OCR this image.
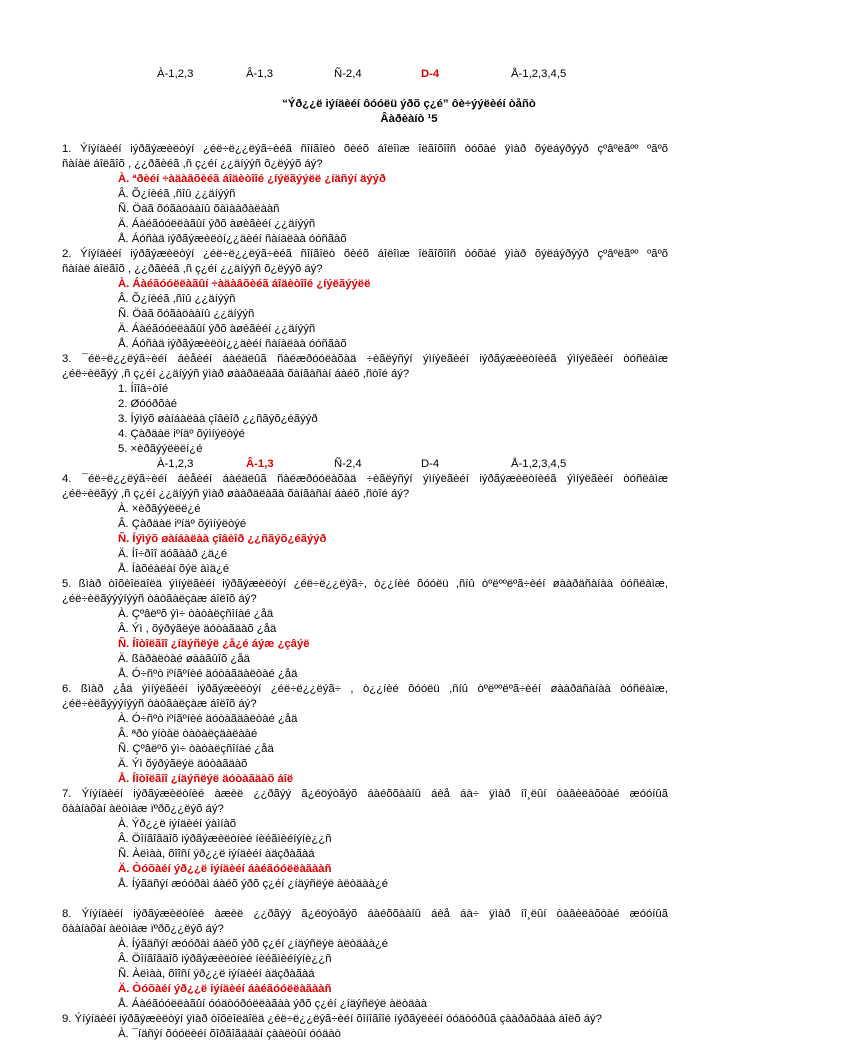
À-1,2,3	Â-1,3	Ñ-2,4	D-4	Å-1,2,3,4,5
“Ýð¿¿ë iýíäèéí ôóóëü ýðõ ç¿é” ôè÷ýýëèéí òåñò
Âàðèàíò ¹5
1. Ýíýíäèéí iýðãýæèëòýí ¿éë÷ë¿¿ëýã÷èéã ñîíãîëò õèéõ áîëîìæ îëãîõîîñ òóõàé ÿìàð õýëáýðýýð çºâºëãºº ºãºõ
ñàíàë áîëãîõ , ¿¿ðãèéã ,ñ ç¿éí ¿¿äíýýñ õ¿ëýýõ áý?
À. ªðèéí ÷àäàâõèéã áîäèòîîé ¿íýëãýýëë ¿íäñýí äýýð
Â. Õ¿íèéã ,ñîû ¿¿äíýýñ
Ñ. Öàã õóãàöààíû õàìààðàëààñ
Ä. Áàéãóóëëàãûí ýðõ àøèãèéí ¿¿äíýýñ
Å. Áóñàä iýðãýæèëòí¿¿äèéí ñàíàëàà óóñãàõ
2. Ýíýíäèéí iýðãýæèëòýí ¿éë÷ë¿¿ëýã÷èéã ñîíãîëò õèéõ áîëîìæ îëãîõîîñ òóõàé ÿìàð õýëáýðýýð çºâºëãºº ºãºõ
ñàíàë áîëãîõ , ¿¿ðãèéã ,ñ ç¿éí ¿¿äíýýñ õ¿ëýýõ áý?
À. Áàéãóóëëàãûí ÷àäàâõèéã áîäèòîîé ¿íýëãýýëë
Â. Õ¿íèéã ,ñîû ¿¿äíýýñ
Ñ. Öàã õóãàöààíû ¿¿äíýýñ
Ä. Áàéãóóëëàãûí ýðõ àøèãèéí ¿¿äíýýñ
Å. Áóñàä iýðãýæèëòí¿¿äèéí ñàíàëàà óóñãàõ
3. ¯éë÷ë¿¿ëýã÷èéí áèåèéí áàéäëûã ñàéæðóóëàõàä ÷èãëýñýí ýìíýëãèéí iýðãýæèëòíèéã ýìíýëãèéí òóñëàìæ
¿éë÷èëãýý ,ñ ç¿éí ¿¿äíýýñ ÿìàð øààðäëàãà õàíãàñàí áàéõ ,ñòîé áý?
1. Íîîâ÷òîé
2. Øóóðõàé
3. Íýìýõ øàíáàëàà çîâèîð ¿¿ñãýõ¿éãýýð
4. Çàðäàë iºíäº õýìíýëòýé
5. ×èðãýýëëëí¿é
À-1,2,3	Â-1,3	Ñ-2,4	D-4	Å-1,2,3,4,5
4. ¯éë÷ë¿¿ëýã÷èéí áèåèéí áàéäëûã ñàéæðóóëàõàä ÷èãëýñýí ýìíýëãèéí iýðãýæèëòíèéã ýìíýëãèéí òóñëàìæ
¿éë÷èëãýý ,ñ ç¿éí ¿¿äíýýñ ÿìàð øààðäëàãà õàíãàñàí áàéõ ,ñòîé áý?
À. ×èðãýýëëë¿é
Â. Çàðäàë iºíäº õýìíýëòýé
Ñ. Íýìýõ øàíáàëàà çîâèîð ¿¿ñãýõ¿éãýýð
Ä. Íî÷ðîî äóãààð ¿ä¿é
Å. Íàõéàëàí õýë àìä¿é
5. ßìàð òîõèîëäîëä ýìíýëãèéí iýðãýæèëòýí ¿éë÷ë¿¿ëýã÷, ò¿¿íèé õóóëü ,ñíû òºëººëºã÷èéí øààðäñàíàà òóñëàìæ,
¿éë÷èëãýýýíýýñ òàòãàëçàæ áîëîõ áý?
À. Çºâëºõ ýì÷ òàòàëçñîíàé ¿åä
Â. Ýì , õýðýãëýë äóòàãäàõ ¿åä
Ñ. Íîòîëãîî ¿íäýñëýë ¿å¿é áýæ ¿çâýë
Ä. ßàðàëòàé øààãûîõ ¿åä
Å. Ó÷ñºò iºíãºíèé äóòàãäàëòàé ¿åä
6. ßìàð ¿åä ýìíýëãèéí iýðãýæèëòýí ¿éë÷ë¿¿ëýã÷ , ò¿¿íèé õóóëü ,ñíû òºëººëºã÷èéí øààðäñàíàà òóñëàìæ,
¿éë÷èëãýýýíýýñ òàòãàëçàæ áîëîõ áý?
À. Ó÷ñºò iºíãºíèé äóòàãäàëòàé ¿åä
Â. ªðò ÿíòàë òàòàëçäàëààé
Ñ. Çºâëºõ ýì÷ òàòàëçñîíàé ¿åä
Ä. Ýì õýðýãëýë äóòàãäàõ
Å. Íîòîëãîî ¿íäýñëýë äóòàãäàõ áîë
7. Ýíýíäèéí iýðãýæèëòíèé àæèë ¿¿ðãýý ã¿éöýòãýõ áàéõõààíû áèå áà÷ ÿìàð íî¸ëûí òàâèëàõòàé æóóíûã
õààíàõàí àëòìàæ ïºðõ¿¿ëýõ áý?
À. Ýð¿¿ë iýíäèéí ýàìíàõ
Â. Öîíãîãäîõ iýðãýæèëòíèé íèéãìèéíýíè¿¿ñ
Ñ. Àëìàà, õîîñí ýð¿¿ë iýíäèéí àäçðàãàá
Ä. Òóõàéí ýð¿¿ë iýíäèéí áàéãóóëëàãààñ
Å. Íýãäñýí æóóðàì áàéõ ýðõ ç¿éí ¿íäýñëýë àëòäàà¿é
8. Ýíýíäèéí iýðãýæèëòíèé àæèë ¿¿ðãýý ã¿éöýòãýõ áàéõõààíû áèå áà÷ ÿìàð íî¸ëûí òàâèëàõòàé æóóíûã
õààíàõàí àëòìàæ ïºðõ¿¿ëýõ áý?
À. Íýãäñýí æóóðàì áàéõ ýðõ ç¿éí ¿íäýñëýë àëòäàà¿é
Â. Öîíãîãäîõ iýðãýæèëòíèé íèéãìèéíýíè¿¿ñ
Ñ. Àëìàà, õîîñí ýð¿¿ë iýíäèéí àäçðàãàá
Ä. Òóõàéí ýð¿¿ë iýíäèéí áàéãóóëëàãààñ
Å. Áàéãóóëëàãûí óóäòóðóëëàãàà ýðõ ç¿éí ¿íäýñëýë àëòäàà
9. Ýíýíäèéí iýðãýæèëòýí ÿìàð òîõèîëäîëä ¿éë÷ë¿¿ëýã÷èéí õîíîãîîé íýðãýëèéí óóäòóðûã çààðàõäàà áîëõ áý?
À. ¯íäñýí õóóëèéí õîðãîãääàí çààëòûí óóäàò
